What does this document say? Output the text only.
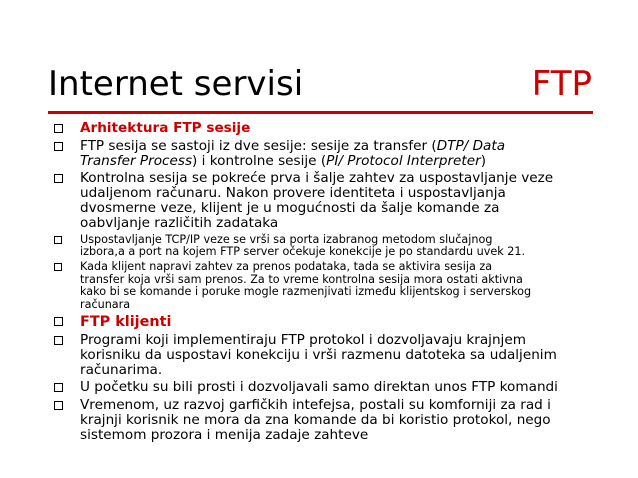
Internet servisi	FTP
Arhitektura FTP sesije
FTP sesija se sastoji iz dve sesije: sesije za transfer (DTP/ Data
Transfer Process) i kontrolne sesije (PI/ Protocol Interpreter)
Kontrolna sesija se pokreće prva i šalje zahtev za uspostavljanje veze
udaljenom računaru. Nakon provere identiteta i uspostavljanja
dvosmerne veze, klijent je u mogućnosti da šalje komande za
oabvljanje različitih zadataka
Uspostavljanje TCP/IP veze se vrši sa porta izabranog metodom slučajnog
izbora,a a port na kojem FTP server očekuje konekcije je po standardu uvek 21.
Kada klijent napravi zahtev za prenos podataka, tada se aktivira sesija za
transfer koja vrši sam prenos. Za to vreme kontrolna sesija mora ostati aktivna
kako bi se komande i poruke mogle razmenjivati između klijentskog i serverskog
računara
FTP klijenti
Programi koji implementiraju FTP protokol i dozvoljavaju krajnjem
korisniku da uspostavi konekciju i vrši razmenu datoteka sa udaljenim
računarima.
U početku su bili prosti i dozvoljavali samo direktan unos FTP komandi
Vremenom, uz razvoj garfičkih intefejsa, postali su komforniji za rad i
krajnji korisnik ne mora da zna komande da bi koristio protokol, nego
sistemom prozora i menija zadaje zahteve
